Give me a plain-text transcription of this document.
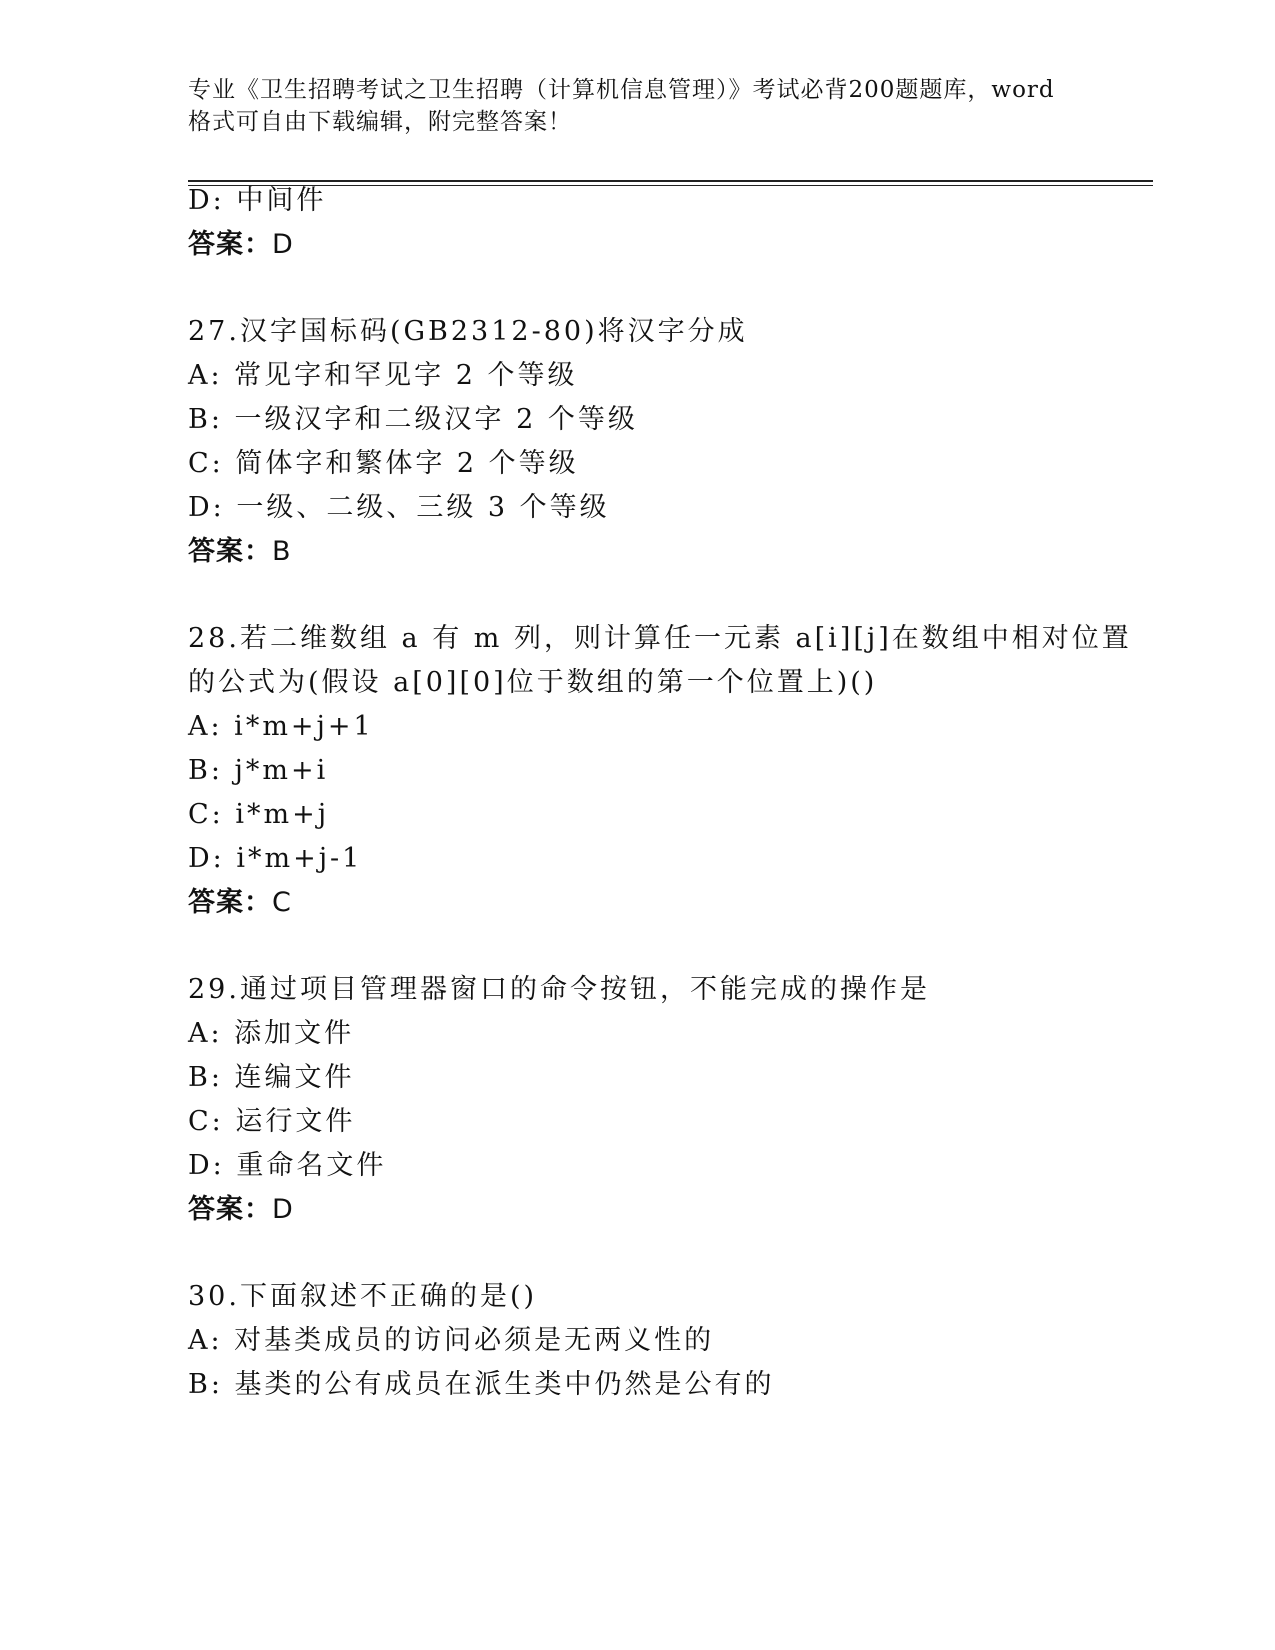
专业《卫生招聘考试之卫生招聘（计算机信息管理）》考试必背200题题库，word
格式可自由下载编辑，附完整答案！
D: 中间件
答案：D
27.汉字国标码(GB2312-80)将汉字分成
A: 常见字和罕见字 2 个等级
B: 一级汉字和二级汉字 2 个等级
C: 简体字和繁体字 2 个等级
D: 一级、二级、三级 3 个等级
答案：B
28.若二维数组 a 有 m 列，则计算任一元素 a[i][j]在数组中相对位置
的公式为(假设 a[0][0]位于数组的第一个位置上)()
A: i*m+j+1
B: j*m+i
C: i*m+j
D: i*m+j-1
答案：C
29.通过项目管理器窗口的命令按钮，不能完成的操作是
A: 添加文件
B: 连编文件
C: 运行文件
D: 重命名文件
答案：D
30.下面叙述不正确的是()
A: 对基类成员的访问必须是无两义性的
B: 基类的公有成员在派生类中仍然是公有的
